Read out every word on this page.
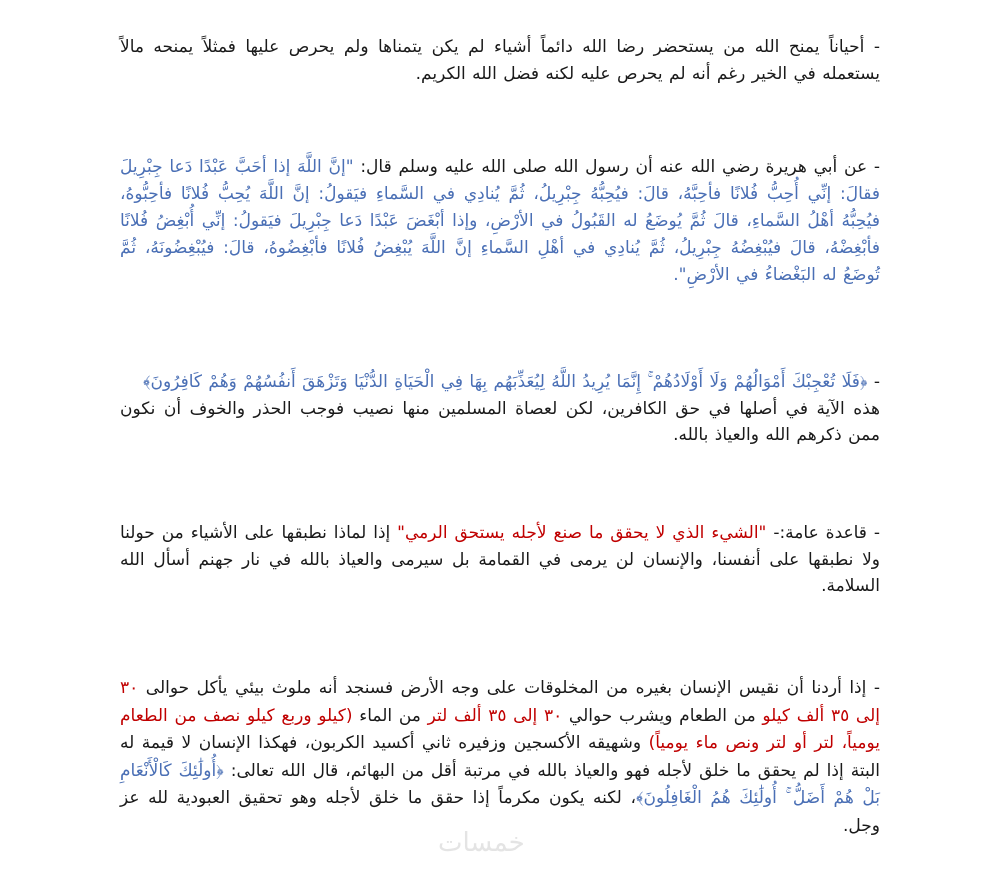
- أحياناً يمنح الله من يستحضر رضا الله دائماً أشياء لم يكن يتمناها ولم يحرص عليها فمثلاً يمنحه مالاً يستعمله في الخير رغم أنه لم يحرص عليه لكنه فضل الله الكريم.
- عن أبي هريرة رضي الله عنه أن رسول الله صلى الله عليه وسلم قال: "إنَّ اللَّهَ إذا أحَبَّ عَبْدًا دَعا جِبْرِيلَ فقالَ: إنِّي أُحِبُّ فُلانًا فأحِبَّهُ، قالَ: فيُحِبُّهُ جِبْرِيلُ، ثُمَّ يُنادِي في السَّماءِ فيَقولُ: إنَّ اللَّهَ يُحِبُّ فُلانًا فأحِبُّوهُ، فيُحِبُّهُ أهْلُ السَّماءِ، قالَ ثُمَّ يُوضَعُ له القَبُولُ في الأرْضِ، وإذا أبْغَضَ عَبْدًا دَعا جِبْرِيلَ فيَقولُ: إنِّي أُبْغِضُ فُلانًا فأبْغِضْهُ، قالَ فيُبْغِضُهُ جِبْرِيلُ، ثُمَّ يُنادِي في أهْلِ السَّماءِ إنَّ اللَّهَ يُبْغِضُ فُلانًا فأبْغِضُوهُ، قالَ: فيُبْغِضُونَهُ، ثُمَّ تُوضَعُ له البَغْضاءُ في الأرْضِ".
- ﴿فَلَا تُعْجِبْكَ أَمْوَالُهُمْ وَلَا أَوْلَادُهُمْ ۚ إِنَّمَا يُرِيدُ اللَّهُ لِيُعَذِّبَهُم بِهَا فِي الْحَيَاةِ الدُّنْيَا وَتَزْهَقَ أَنفُسُهُمْ وَهُمْ كَافِرُونَ﴾
هذه الآية في أصلها في حق الكافرين، لكن لعصاة المسلمين منها نصيب فوجب الحذر والخوف أن نكون ممن ذكرهم الله والعياذ بالله.
- قاعدة عامة:- "الشيء الذي لا يحقق ما صنع لأجله يستحق الرمي" إذا لماذا نطبقها على الأشياء من حولنا ولا نطبقها على أنفسنا، والإنسان لن يرمى في القمامة بل سيرمى والعياذ بالله في نار جهنم أسأل الله السلامة.
- إذا أردنا أن نقيس الإنسان بغيره من المخلوقات على وجه الأرض فسنجد أنه ملوث بيئي يأكل حوالى ٣٠ إلى ٣٥ ألف كيلو من الطعام ويشرب حوالي ٣٠ إلى ٣٥ ألف لتر من الماء (كيلو وربع كيلو نصف من الطعام يومياً، لتر أو لتر ونص ماء يومياً) وشهيقه الأكسجين وزفيره ثاني أكسيد الكربون، فهكذا الإنسان لا قيمة له البتة إذا لم يحقق ما خلق لأجله فهو والعياذ بالله في مرتبة أقل من البهائم، قال الله تعالى: ﴿أُولَٰئِكَ كَالْأَنْعَامِ بَلْ هُمْ أَضَلُّ ۚ أُولَٰئِكَ هُمُ الْغَافِلُونَ﴾، لكنه يكون مكرماً إذا حقق ما خلق لأجله وهو تحقيق العبودية لله عز وجل.
خمسات
